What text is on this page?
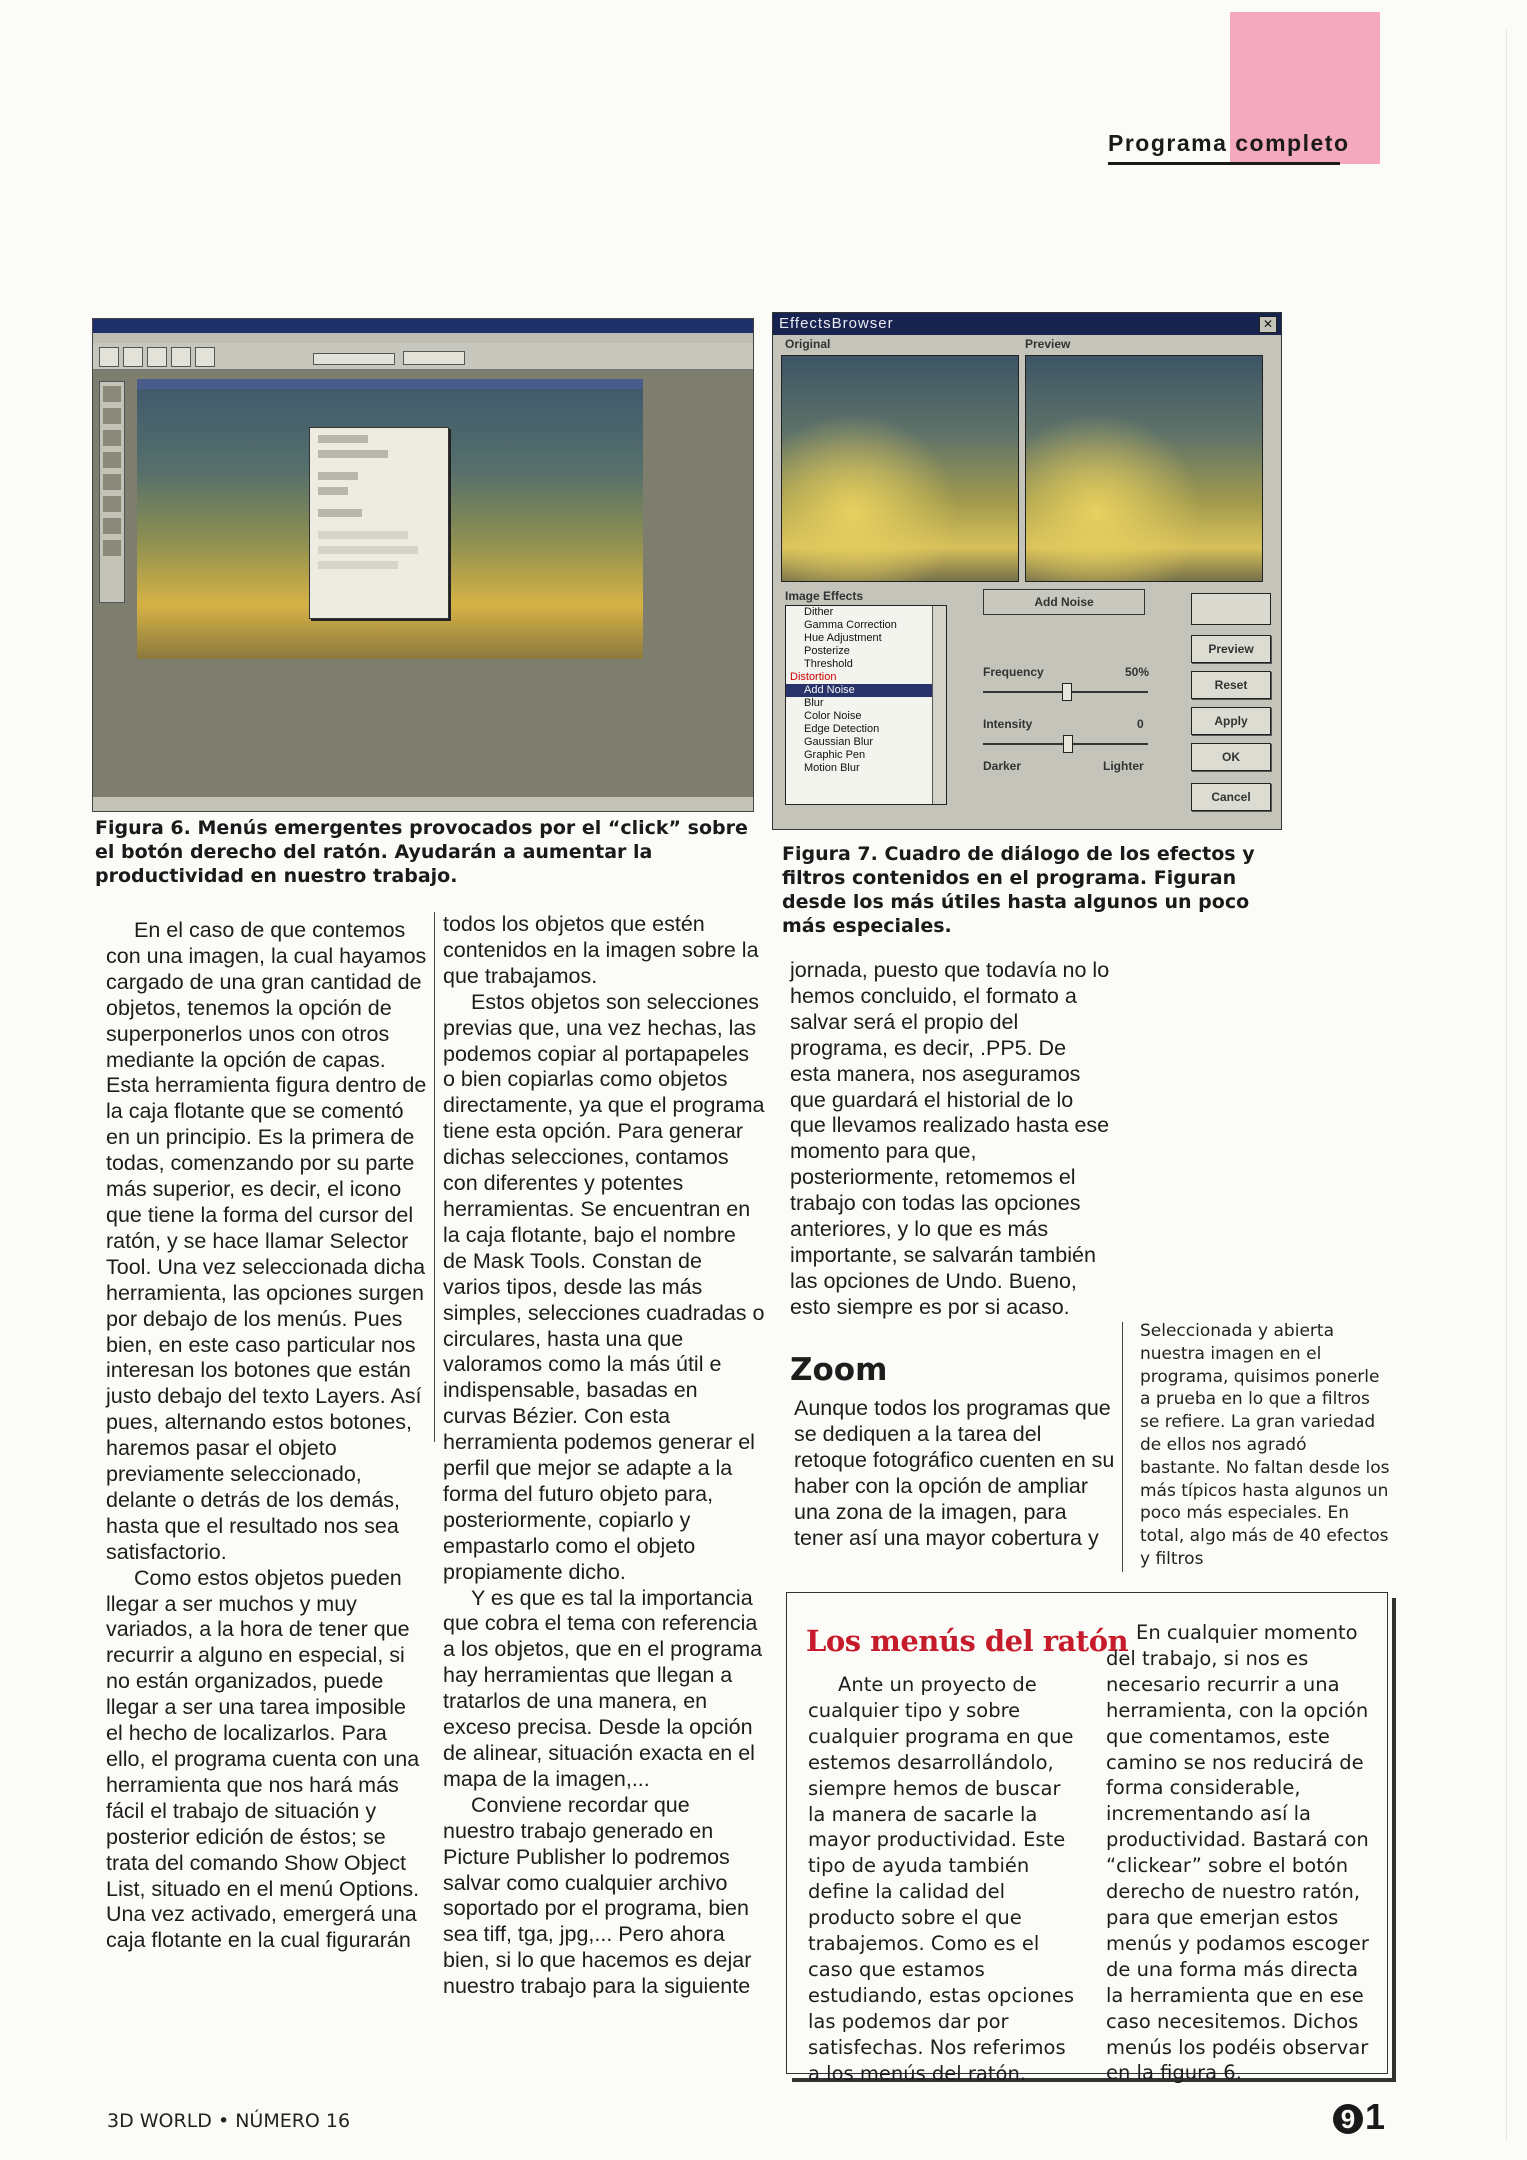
Programa completo
Figura 6. Menús emergentes provocados por el “click” sobre el botón derecho del ratón. Ayudarán a aumentar la productividad en nuestro trabajo.
EffectsBrowser	✕
Original	Preview
Image Effects
Dither
Gamma Correction
Hue Adjustment
Posterize
Threshold
Distortion
Add Noise
Blur
Color Noise
Edge Detection
Gaussian Blur
Graphic Pen
Motion Blur
Add Noise
Frequency	50%
Intensity	0
Darker	Lighter
Preview
Reset
Apply
OK
Cancel
Figura 7. Cuadro de diálogo de los efectos y filtros contenidos en el programa. Figuran desde los más útiles hasta algunos un poco más especiales.

En el caso de que contemos con una imagen, la cual hayamos cargado de una gran cantidad de objetos, tenemos la opción de superponerlos unos con otros mediante la opción de capas. Esta herramienta figura dentro de la caja flotante que se comentó en un principio. Es la primera de todas, comenzando por su parte más superior, es decir, el icono que tiene la forma del cursor del ratón, y se hace llamar Selector Tool. Una vez seleccionada dicha herramienta, las opciones surgen por debajo de los menús. Pues bien, en este caso particular nos interesan los botones que están justo debajo del texto Layers. Así pues, alternando estos botones, haremos pasar el objeto previamente seleccionado, delante o detrás de los demás, hasta que el resultado nos sea satisfactorio.

Como estos objetos pueden llegar a ser muchos y muy variados, a la hora de tener que recurrir a alguno en especial, si no están organizados, puede llegar a ser una tarea imposible el hecho de localizarlos. Para ello, el programa cuenta con una herramienta que nos hará más fácil el trabajo de situación y posterior edición de éstos; se trata del comando Show Object List, situado en el menú Options. Una vez activado, emergerá una caja flotante en la cual figurarán

todos los objetos que estén contenidos en la imagen sobre la que trabajamos.

Estos objetos son selecciones previas que, una vez hechas, las podemos copiar al portapapeles o bien copiarlas como objetos directamente, ya que el programa tiene esta opción. Para generar dichas selecciones, contamos con diferentes y potentes herramientas. Se encuentran en la caja flotante, bajo el nombre de Mask Tools. Constan de varios tipos, desde las más simples, selecciones cuadradas o circulares, hasta una que valoramos como la más útil e indispensable, basadas en curvas Bézier. Con esta herramienta podemos generar el perfil que mejor se adapte a la forma del futuro objeto para, posteriormente, copiarlo y empastarlo como el objeto propiamente dicho.

Y es que es tal la importancia que cobra el tema con referencia a los objetos, que en el programa hay herramientas que llegan a tratarlos de una manera, en exceso precisa. Desde la opción de alinear, situación exacta en el mapa de la imagen,...

Conviene recordar que nuestro trabajo generado en Picture Publisher lo podremos salvar como cualquier archivo soportado por el programa, bien sea tiff, tga, jpg,... Pero ahora bien, si lo que hacemos es dejar nuestro trabajo para la siguiente

jornada, puesto que todavía no lo hemos concluido, el formato a salvar será el propio del programa, es decir, .PP5. De esta manera, nos aseguramos que guardará el historial de lo que llevamos realizado hasta ese momento para que, posteriormente, retomemos el trabajo con todas las opciones anteriores, y lo que es más importante, se salvarán también las opciones de Undo. Bueno, esto siempre es por si acaso.

Zoom

Aunque todos los programas que se dediquen a la tarea del retoque fotográfico cuenten en su haber con la opción de ampliar una zona de la imagen, para tener así una mayor cobertura y

Seleccionada y abierta nuestra imagen en el programa, quisimos ponerle a prueba en lo que a filtros se refiere. La gran variedad de ellos nos agradó bastante. No faltan desde los más típicos hasta algunos un poco más especiales. En total, algo más de 40 efectos y filtros
Los menús del ratón

Ante un proyecto de cualquier tipo y sobre cualquier programa en que estemos desarrollándolo, siempre hemos de buscar la manera de sacarle la mayor productividad. Este tipo de ayuda también define la calidad del producto sobre el que trabajemos. Como es el caso que estamos estudiando, estas opciones las podemos dar por satisfechas. Nos referimos a los menús del ratón.

En cualquier momento del trabajo, si nos es necesario recurrir a una herramienta, con la opción que comentamos, este camino se nos reducirá de forma considerable, incrementando así la productividad. Bastará con “clickear” sobre el botón derecho de nuestro ratón, para que emerjan estos menús y podamos escoger de una forma más directa la herramienta que en ese caso necesitemos. Dichos menús los podéis observar en la figura 6.

3D WORLD • NÚMERO 16	9 1
